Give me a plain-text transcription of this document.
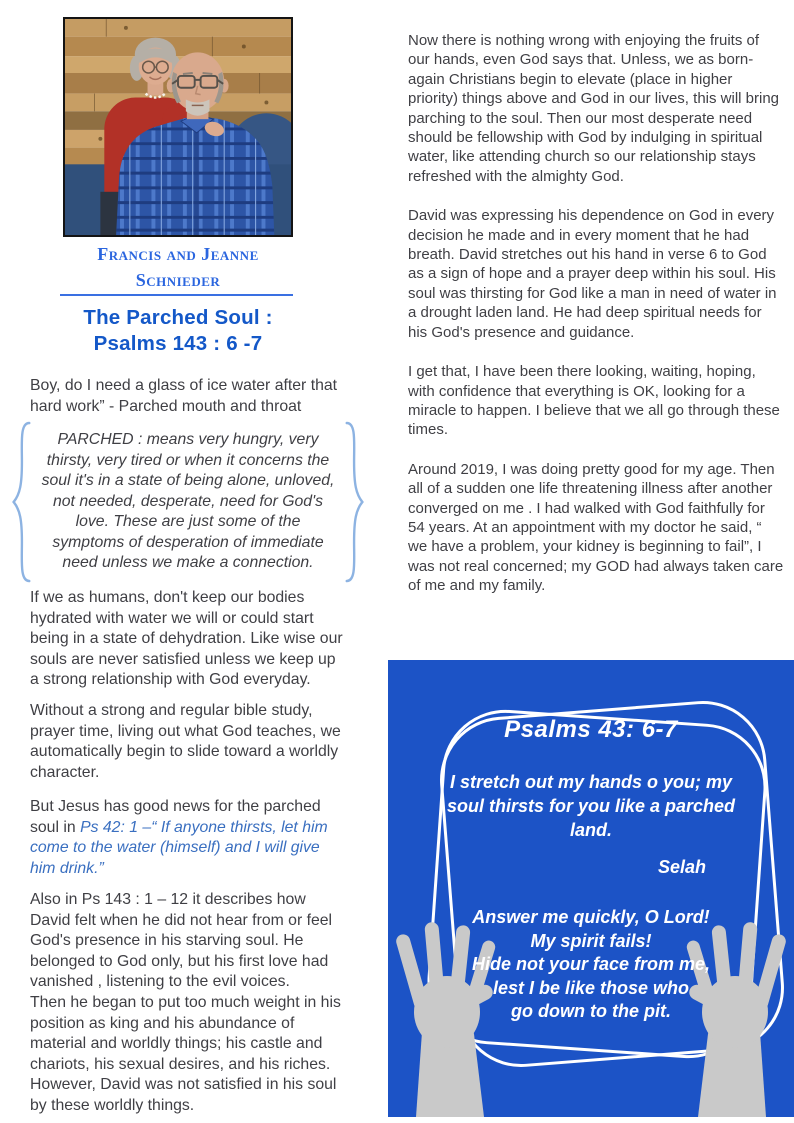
Francis and Jeanne
Schnieder
The Parched Soul :
Psalms 143 : 6 -7
Boy, do I need a glass of ice water after that hard work” - Parched mouth and throat
PARCHED : means very hungry, very thirsty, very tired or when it concerns the soul it's in a state of being alone, unloved, not needed, desperate, need for God's love. These are just some of the symptoms of desperation of immediate need unless we make a connection.
If we as humans, don't keep our bodies hydrated with water we will or could start being in a state of dehydration. Like wise our souls are never satisfied unless we keep up a strong relationship with God everyday.
Without a strong and regular bible study, prayer time, living out what God teaches, we automatically begin to slide toward a worldly character.
But Jesus has good news for the parched soul in Ps 42: 1 –“ If anyone thirsts, let him come to the water (himself) and I will give him drink.”
Also in Ps 143 : 1 – 12 it describes how David felt when he did not hear from or feel God's presence in his starving soul. He belonged to God only, but his first love had vanished , listening to the evil voices.
Then he began to put too much weight in his position as king and his abundance of material and worldly things; his castle and chariots, his sexual desires, and his riches. However, David was not satisfied in his soul by these worldly things.

Now there is nothing wrong with enjoying the fruits of our hands, even God says that. Unless, we as born-again Christians begin to elevate (place in higher priority) things above and God in our lives, this will bring parching to the soul. Then our most desperate need should be fellowship with God by indulging in spiritual water, like attending church so our relationship stays refreshed with the almighty God.

David was expressing his dependence on God in every decision he made and in every moment that he had breath. David stretches out his hand in verse 6 to God as a sign of hope and a prayer deep within his soul. His soul was thirsting for God like a man in need of water in a drought laden land. He had deep spiritual needs for his God's presence and guidance.

I get that, I have been there looking, waiting, hoping, with confidence that everything is OK, looking for a miracle to happen. I believe that we all go through these times.

Around 2019, I was doing pretty good for my age. Then all of a sudden one life threatening illness after another converged on me . I had walked with God faithfully for 54 years. At an appointment with my doctor he said, “ we have a problem, your kidney is beginning to fail”, I was not real concerned; my GOD had always taken care of me and my family.

Psalms 43: 6-7
I stretch out my hands o you; my soul thirsts for you like a parched land.
Selah
Answer me quickly, O Lord!
My spirit fails!
Hide not your face from me,
lest I be like those who
go down to the pit.
